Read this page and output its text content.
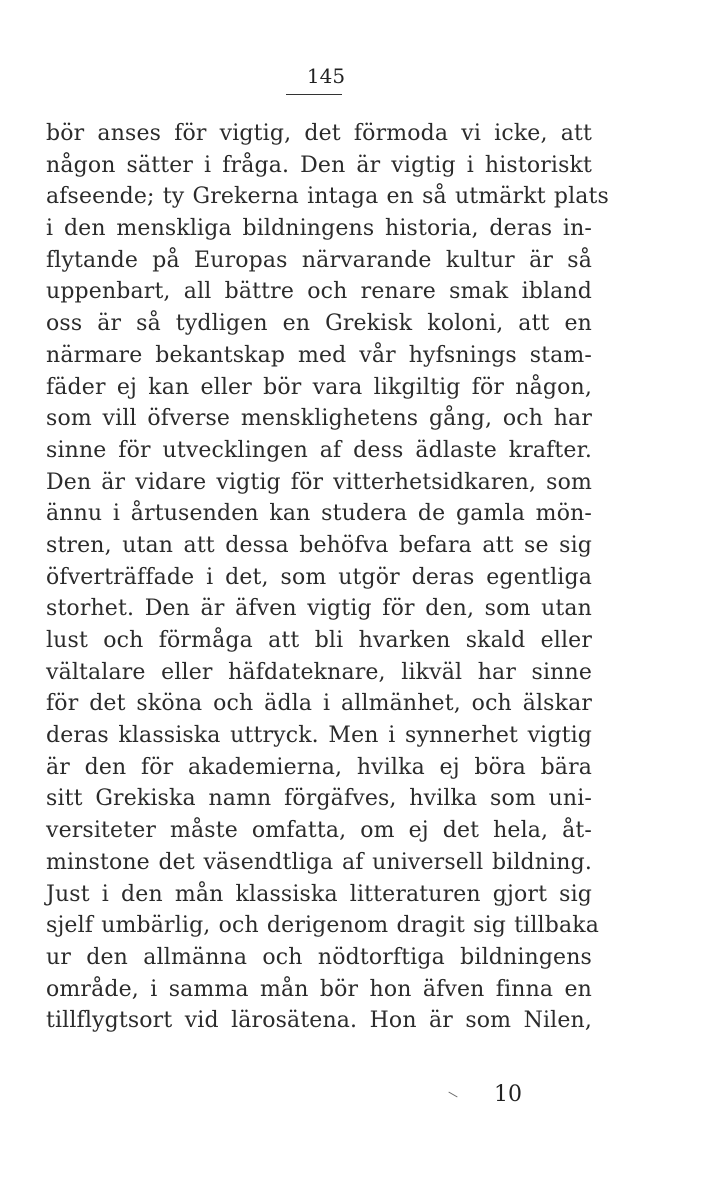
145
bör anses för vigtig, det förmoda vi icke, att
någon sätter i fråga. Den är vigtig i historiskt
afseende; ty Grekerna intaga en så utmärkt plats
i den menskliga bildningens historia, deras in-
flytande på Europas närvarande kultur är så
uppenbart, all bättre och renare smak ibland
oss är så tydligen en Grekisk koloni, att en
närmare bekantskap med vår hyfsnings stam-
fäder ej kan eller bör vara likgiltig för någon,
som vill öfverse mensklighetens gång, och har
sinne för utvecklingen af dess ädlaste krafter.
Den är vidare vigtig för vitterhetsidkaren, som
ännu i årtusenden kan studera de gamla mön-
stren, utan att dessa behöfva befara att se sig
öfverträffade i det, som utgör deras egentliga
storhet. Den är äfven vigtig för den, som utan
lust och förmåga att bli hvarken skald eller
vältalare eller häfdateknare, likväl har sinne
för det sköna och ädla i allmänhet, och älskar
deras klassiska uttryck. Men i synnerhet vigtig
är den för akademierna, hvilka ej böra bära
sitt Grekiska namn förgäfves, hvilka som uni-
versiteter måste omfatta, om ej det hela, åt-
minstone det väsendtliga af universell bildning.
Just i den mån klassiska litteraturen gjort sig
sjelf umbärlig, och derigenom dragit sig tillbaka
ur den allmänna och nödtorftiga bildningens
område, i samma mån bör hon äfven finna en
tillflygtsort vid lärosätena. Hon är som Nilen,
10
